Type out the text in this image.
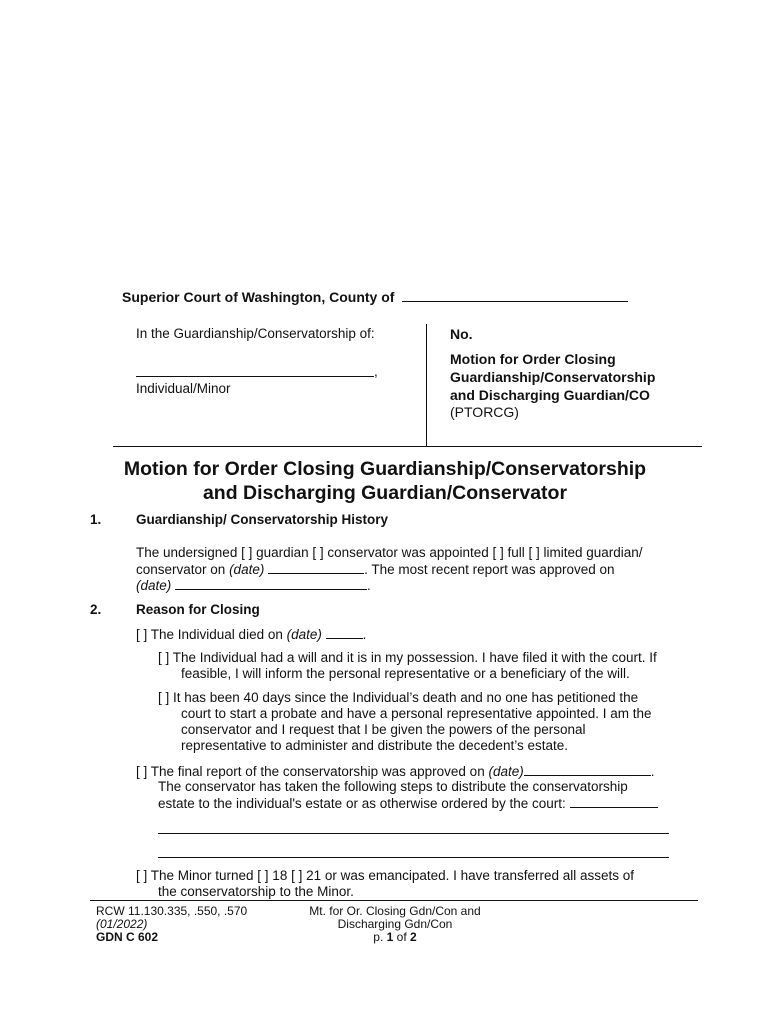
Superior Court of Washington, County of
In the Guardianship/Conservatorship of:
,
Individual/Minor
No.
Motion for Order Closing
Guardianship/Conservatorship
and Discharging Guardian/CO
(PTORCG)
Motion for Order Closing Guardianship/Conservatorship
and Discharging Guardian/Conservator
1.	Guardianship/ Conservatorship History
The undersigned [ ] guardian [ ] conservator was appointed [ ] full [ ] limited guardian/
conservator on (date)	. The most recent report was approved on
(date)	.
2.	Reason for Closing
[ ] The Individual died on (date)	.
[ ] The Individual had a will and it is in my possession. I have filed it with the court. If
feasible, I will inform the personal representative or a beneficiary of the will.
[ ] It has been 40 days since the Individual’s death and no one has petitioned the
court to start a probate and have a personal representative appointed. I am the
conservator and I request that I be given the powers of the personal
representative to administer and distribute the decedent’s estate.
[ ] The final report of the conservatorship was approved on (date)	.
The conservator has taken the following steps to distribute the conservatorship
estate to the individual's estate or as otherwise ordered by the court:
[ ] The Minor turned [ ] 18 [ ] 21 or was emancipated. I have transferred all assets of
the conservatorship to the Minor.
RCW 11.130.335, .550, .570
(01/2022)
GDN C 602
Mt. for Or. Closing Gdn/Con and
Discharging Gdn/Con
p. 1 of 2
